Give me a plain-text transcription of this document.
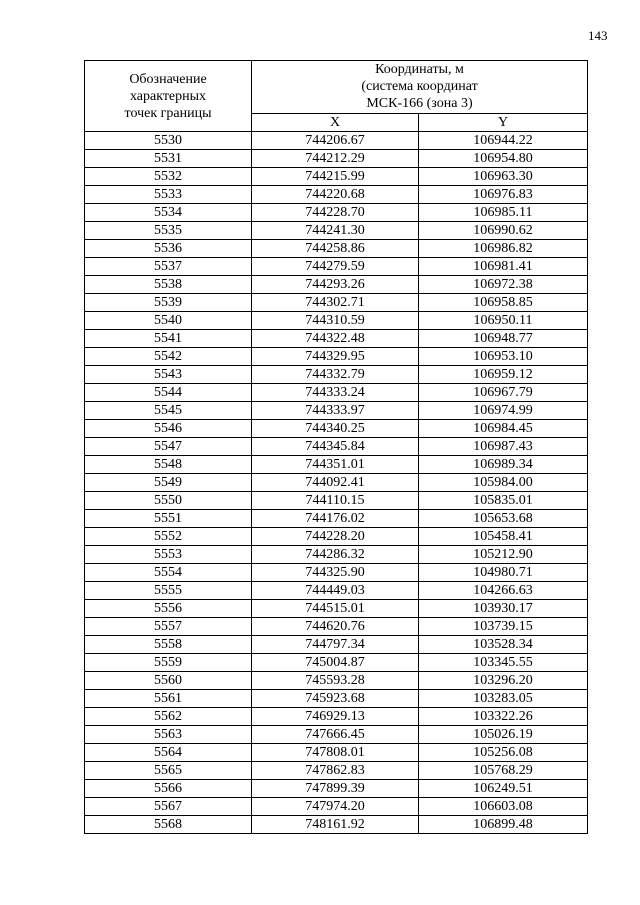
143
Обозначение
характерных
точек границы	Координаты, м
(система координат
МСК-166 (зона 3)	

	X	Y
5530	744206.67	106944.22
5531	744212.29	106954.80
5532	744215.99	106963.30
5533	744220.68	106976.83
5534	744228.70	106985.11
5535	744241.30	106990.62
5536	744258.86	106986.82
5537	744279.59	106981.41
5538	744293.26	106972.38
5539	744302.71	106958.85
5540	744310.59	106950.11
5541	744322.48	106948.77
5542	744329.95	106953.10
5543	744332.79	106959.12
5544	744333.24	106967.79
5545	744333.97	106974.99
5546	744340.25	106984.45
5547	744345.84	106987.43
5548	744351.01	106989.34
5549	744092.41	105984.00
5550	744110.15	105835.01
5551	744176.02	105653.68
5552	744228.20	105458.41
5553	744286.32	105212.90
5554	744325.90	104980.71
5555	744449.03	104266.63
5556	744515.01	103930.17
5557	744620.76	103739.15
5558	744797.34	103528.34
5559	745004.87	103345.55
5560	745593.28	103296.20
5561	745923.68	103283.05
5562	746929.13	103322.26
5563	747666.45	105026.19
5564	747808.01	105256.08
5565	747862.83	105768.29
5566	747899.39	106249.51
5567	747974.20	106603.08
5568	748161.92	106899.48
